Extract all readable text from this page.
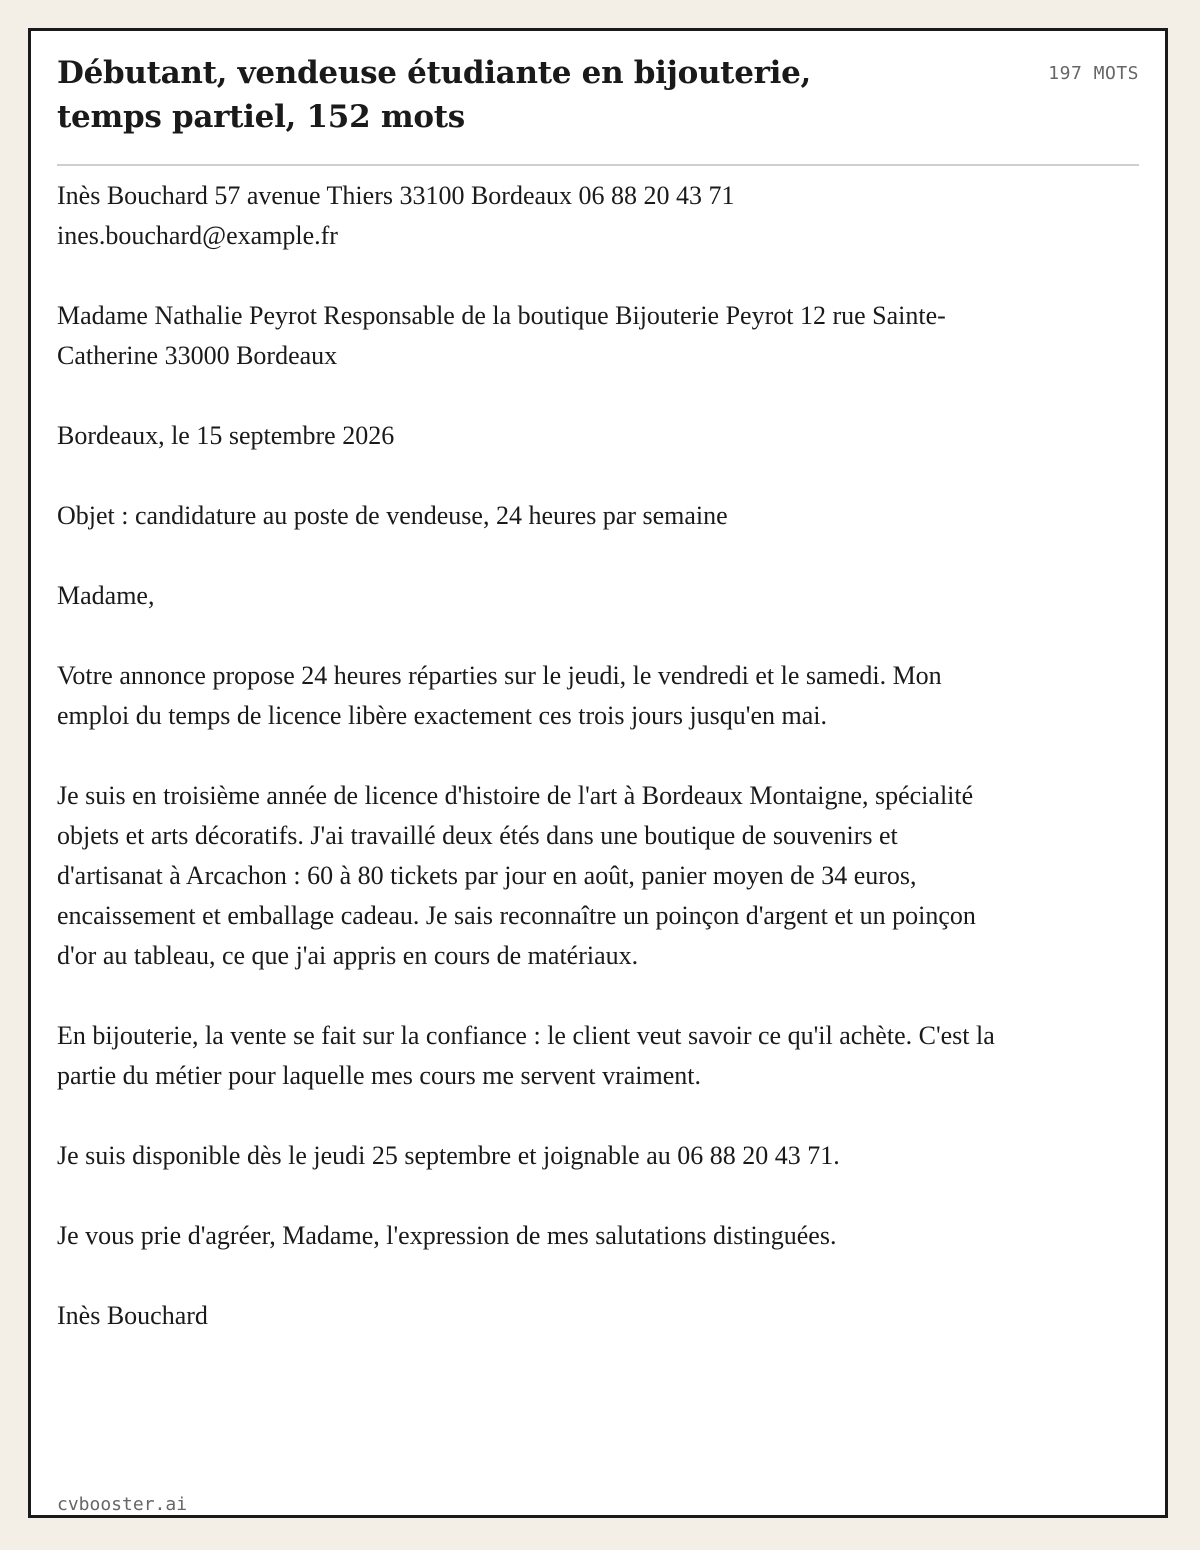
Débutant, vendeuse étudiante en bijouterie, temps partiel, 152 mots
197 MOTS

Inès Bouchard 57 avenue Thiers 33100 Bordeaux 06 88 20 43 71 ines.bouchard@example.fr

Madame Nathalie Peyrot Responsable de la boutique Bijouterie Peyrot 12 rue Sainte-Catherine 33000 Bordeaux

Bordeaux, le 15 septembre 2026

Objet : candidature au poste de vendeuse, 24 heures par semaine

Madame,

Votre annonce propose 24 heures réparties sur le jeudi, le vendredi et le samedi. Mon emploi du temps de licence libère exactement ces trois jours jusqu'en mai.

Je suis en troisième année de licence d'histoire de l'art à Bordeaux Montaigne, spécialité objets et arts décoratifs. J'ai travaillé deux étés dans une boutique de souvenirs et d'artisanat à Arcachon : 60 à 80 tickets par jour en août, panier moyen de 34 euros, encaissement et emballage cadeau. Je sais reconnaître un poinçon d'argent et un poinçon d'or au tableau, ce que j'ai appris en cours de matériaux.

En bijouterie, la vente se fait sur la confiance : le client veut savoir ce qu'il achète. C'est la partie du métier pour laquelle mes cours me servent vraiment.

Je suis disponible dès le jeudi 25 septembre et joignable au 06 88 20 43 71.

Je vous prie d'agréer, Madame, l'expression de mes salutations distinguées.

Inès Bouchard

cvbooster.ai
